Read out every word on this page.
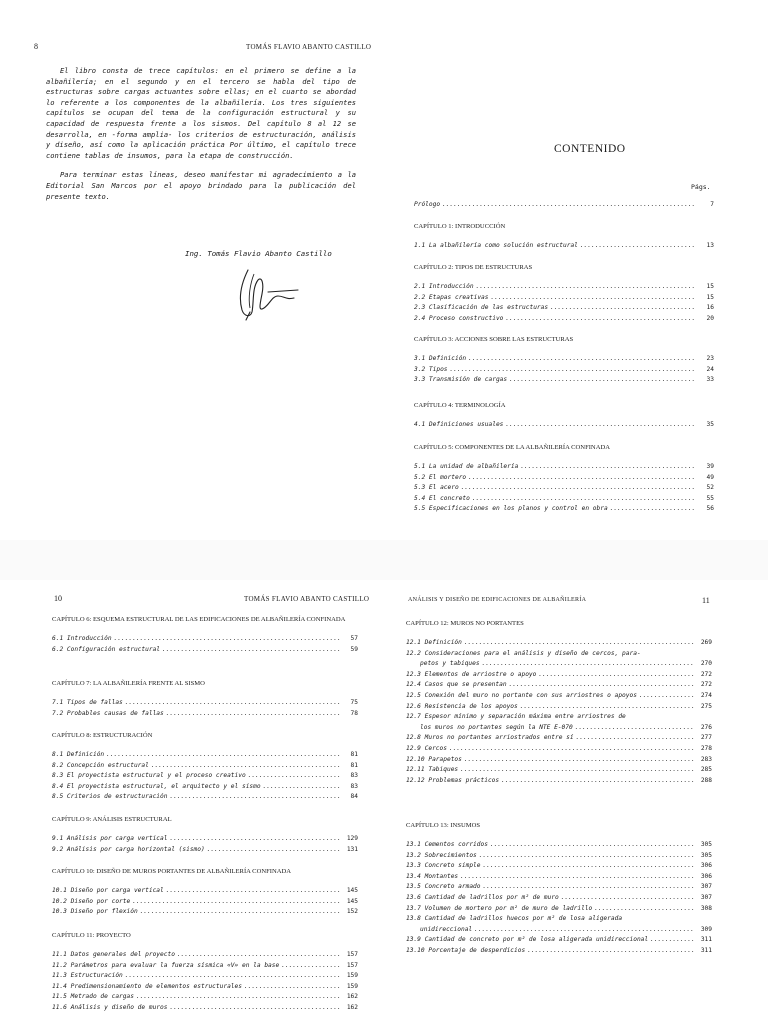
8	TOMÁS FLAVIO ABANTO CASTILLO

El libro consta de trece capítulos: en el primero se define a la albañilería; en el segundo y en el tercero se habla del tipo de estructuras sobre cargas actuantes sobre ellas; en el cuarto se abordad lo referente a los componentes de la albañilería. Los tres siguientes capítulos se ocupan del tema de la configuración estructural y su capacidad de respuesta frente a los sismos. Del capítulo 8 al 12 se desarrolla, en -forma amplia- los criterios de estructuración, análisis y diseño, así como la aplicación práctica Por último, el capítulo trece contiene tablas de insumos, para la etapa de construcción.

Para terminar estas líneas, deseo manifestar mi agradecimiento a la Editorial San Marcos por el apoyo brindado para la publicación del presente texto.

Ing. Tomás Flavio Abanto Castillo
CONTENIDO
Págs.
Prólogo .....	7
CAPÍTULO 1: INTRODUCCIÓN
1.1 La albañilería como solución estructural .....	13
CAPÍTULO 2: TIPOS DE ESTRUCTURAS
2.1 Introducción .....	15
2.2 Etapas creativas .....	15
2.3 Clasificación de las estructuras .....	16
2.4 Proceso constructivo .....	20
CAPÍTULO 3: ACCIONES SOBRE LAS ESTRUCTURAS
3.1 Definición .....	23
3.2 Tipos .....	24
3.3 Transmisión de cargas .....	33
CAPÍTULO 4: TERMINOLOGÍA
4.1 Definiciones usuales .....	35
CAPÍTULO 5: COMPONENTES DE LA ALBAÑILERÍA CONFINADA
5.1 La unidad de albañilería .....	39
5.2 El mortero .....	49
5.3 El acero .....	52
5.4 El concreto .....	55
5.5 Especificaciones en los planos y control en obra .....	56
10	TOMÁS FLAVIO ABANTO CASTILLO
CAPÍTULO 6: ESQUEMA ESTRUCTURAL DE LAS EDIFICACIONES DE ALBAÑILERÍA CONFINADA
6.1 Introducción .....	57
6.2 Configuración estructural .....	59
CAPÍTULO 7: LA ALBAÑILERÍA FRENTE AL SISMO
7.1 Tipos de fallas .....	75
7.2 Probables causas de fallas .....	78
CAPÍTULO 8: ESTRUCTURACIÓN
8.1 Definición .....	81
8.2 Concepción estructural .....	81
8.3 El proyectista estructural y el proceso creativo .....	83
8.4 El proyectista estructural, el arquitecto y el sismo .....	83
8.5 Criterios de estructuración .....	84
CAPÍTULO 9: ANÁLISIS ESTRUCTURAL
9.1 Análisis por carga vertical .....	129
9.2 Análisis por carga horizontal (sismo) .....	131
CAPÍTULO 10: DISEÑO DE MUROS PORTANTES DE ALBAÑILERÍA CONFINADA
10.1 Diseño por carga vertical .....	145
10.2 Diseño por corte .....	145
10.3 Diseño por flexión .....	152
CAPÍTULO 11: PROYECTO
11.1 Datos generales del proyecto .....	157
11.2 Parámetros para evaluar la fuerza sísmica «V» en la base .....	157
11.3 Estructuración .....	159
11.4 Predimensionamiento de elementos estructurales .....	159
11.5 Metrado de cargas .....	162
11.6 Análisis y diseño de muros .....	162
ANÁLISIS Y DISEÑO DE EDIFICACIONES DE ALBAÑILERÍA	11
CAPÍTULO 12: MUROS NO PORTANTES
12.1 Definición .....	269
12.2 Consideraciones para el análisis y diseño de cercos, para-
petos y tabiques .....	270
12.3 Elementos de arriostre o apoyo .....	272
12.4 Casos que se presentan .....	272
12.5 Conexión del muro no portante con sus arriostres o apoyos .....	274
12.6 Resistencia de los apoyos .....	275
12.7 Espesor mínimo y separación máxima entre arriostres de
los muros no portantes según la NTE E-070 .....	276
12.8 Muros no portantes arriostrados entre sí .....	277
12.9 Cercos .....	278
12.10 Parapetos .....	283
12.11 Tabiques .....	285
12.12 Problemas prácticos .....	288
CAPÍTULO 13: INSUMOS
13.1 Cementos corridos .....	305
13.2 Sobrecimientos .....	305
13.3 Concreto simple .....	306
13.4 Montantes .....	306
13.5 Concreto armado .....	307
13.6 Cantidad de ladrillos por m² de muro .....	307
13.7 Volumen de mortero por m² de muro de ladrillo .....	308
13.8 Cantidad de ladrillos huecos por m² de losa aligerada
unidireccional .....	309
13.9 Cantidad de concreto por m² de losa aligerada unidireccional .....	311
13.10 Porcentaje de desperdicios .....	311
